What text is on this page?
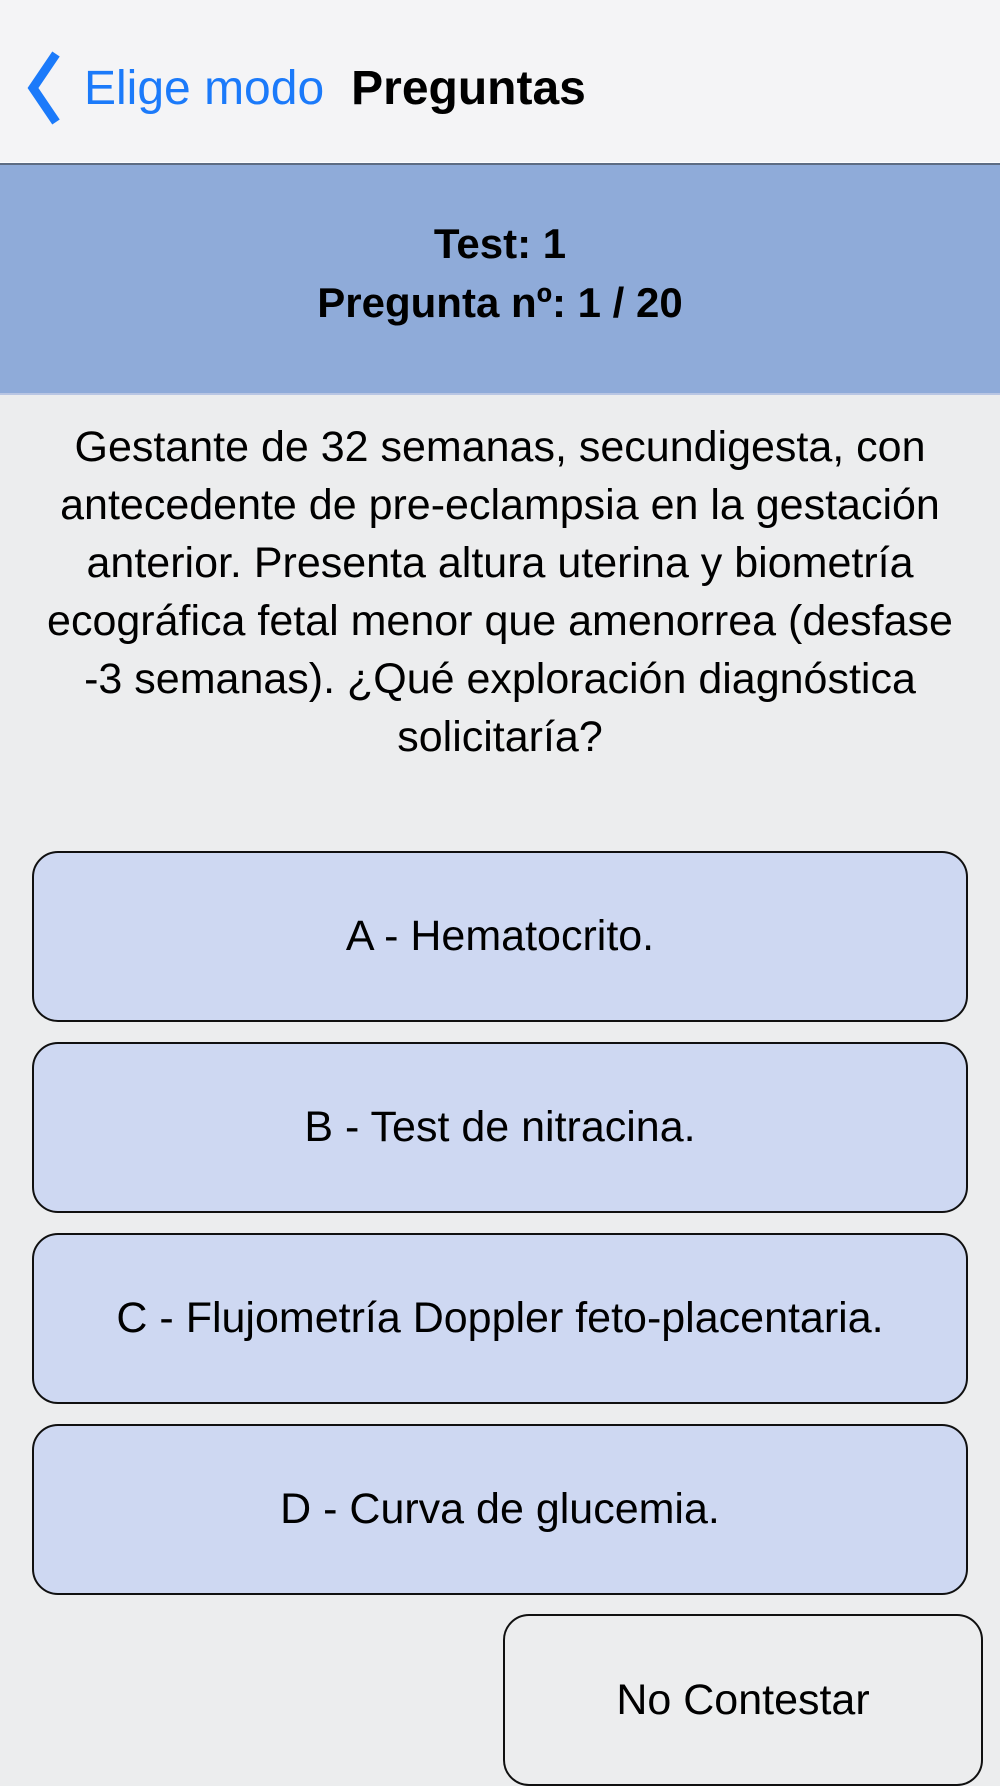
Elige modo Preguntas
Test: 1
Pregunta nº: 1 / 20
Gestante de 32 semanas, secundigesta, con antecedente de pre-eclampsia en la gestación anterior. Presenta altura uterina y biometría ecográfica fetal menor que amenorrea (desfase -3 semanas). ¿Qué exploración diagnóstica solicitaría?
A - Hematocrito.
B - Test de nitracina.
C - Flujometría Doppler feto-placentaria.
D - Curva de glucemia.
No Contestar
